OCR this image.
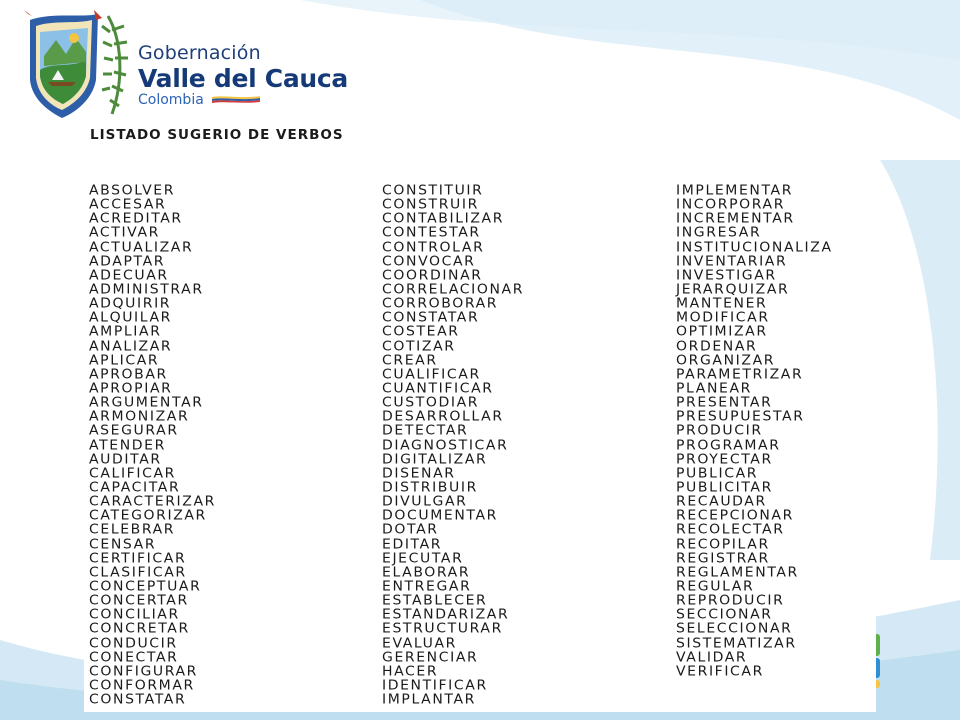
Gobernación
Valle del Cauca
Colombia
LISTADO SUGERIO DE VERBOS
ABSOLVER
ACCESAR
ACREDITAR
ACTIVAR
ACTUALIZAR
ADAPTAR
ADECUAR
ADMINISTRAR
ADQUIRIR
ALQUILAR
AMPLIAR
ANALIZAR
APLICAR
APROBAR
APROPIAR
ARGUMENTAR
ARMONIZAR
ASEGURAR
ATENDER
AUDITAR
CALIFICAR
CAPACITAR
CARACTERIZAR
CATEGORIZAR
CELEBRAR
CENSAR
CERTIFICAR
CLASIFICAR
CONCEPTUAR
CONCERTAR
CONCILIAR
CONCRETAR
CONDUCIR
CONECTAR
CONFIGURAR
CONFORMAR
CONSTATAR
CONSTITUIR
CONSTRUIR
CONTABILIZAR
CONTESTAR
CONTROLAR
CONVOCAR
COORDINAR
CORRELACIONAR
CORROBORAR
CONSTATAR
COSTEAR
COTIZAR
CREAR
CUALIFICAR
CUANTIFICAR
CUSTODIAR
DESARROLLAR
DETECTAR
DIAGNOSTICAR
DIGITALIZAR
DISENAR
DISTRIBUIR
DIVULGAR
DOCUMENTAR
DOTAR
EDITAR
EJECUTAR
ELABORAR
ENTREGAR
ESTABLECER
ESTANDARIZAR
ESTRUCTURAR
EVALUAR
GERENCIAR
HACER
IDENTIFICAR
IMPLANTAR
IMPLEMENTAR
INCORPORAR
INCREMENTAR
INGRESAR
INSTITUCIONALIZA
INVENTARIAR
INVESTIGAR
JERARQUIZAR
MANTENER
MODIFICAR
OPTIMIZAR
ORDENAR
ORGANIZAR
PARAMETRIZAR
PLANEAR
PRESENTAR
PRESUPUESTAR
PRODUCIR
PROGRAMAR
PROYECTAR
PUBLICAR
PUBLICITAR
RECAUDAR
RECEPCIONAR
RECOLECTAR
RECOPILAR
REGISTRAR
REGLAMENTAR
REGULAR
REPRODUCIR
SECCIONAR
SELECCIONAR
SISTEMATIZAR
VALIDAR
VERIFICAR
